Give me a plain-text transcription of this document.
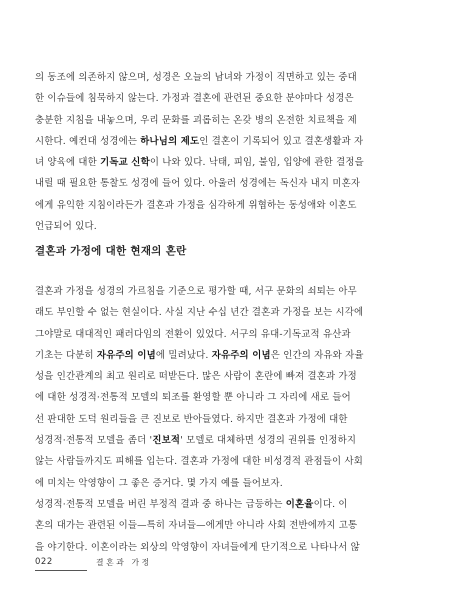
의 동조에 의존하지 않으며, 성경은 오늘의 남녀와 가정이 직면하고 있는 중대
한 이슈들에 침묵하지 않는다. 가정과 결혼에 관련된 중요한 분야마다 성경은
충분한 지침을 내놓으며, 우리 문화를 괴롭히는 온갖 병의 온전한 치료책을 제
시한다. 예컨대 성경에는 하나님의 제도인 결혼이 기록되어 있고 결혼생활과 자
녀 양육에 대한 기독교 신학이 나와 있다. 낙태, 피임, 불임, 입양에 관한 결정을
내릴 때 필요한 통찰도 성경에 들어 있다. 아울러 성경에는 독신자 내지 미혼자
에게 유익한 지침이라든가 결혼과 가정을 심각하게 위협하는 동성애와 이혼도
언급되어 있다.
결혼과 가정에 대한 현재의 혼란
결혼과 가정을 성경의 가르침을 기준으로 평가할 때, 서구 문화의 쇠퇴는 아무
래도 부인할 수 없는 현실이다. 사실 지난 수십 년간 결혼과 가정을 보는 시각에
그야말로 대대적인 패러다임의 전환이 있었다. 서구의 유대-기독교적 유산과
기초는 다분히 자유주의 이념에 밀려났다. 자유주의 이념은 인간의 자유와 자율
성을 인간관계의 최고 원리로 떠받든다. 많은 사람이 혼란에 빠져 결혼과 가정
에 대한 성경적·전통적 모델의 퇴조를 환영할 뿐 아니라 그 자리에 새로 들어
선 판대한 도덕 원리들을 큰 진보로 반아들였다. 하지만 결혼과 가정에 대한
성경적·전통적 모델을 좀더 '진보적' 모델로 대체하면 성경의 권위를 인정하지
않는 사람들까지도 피해를 입는다. 결혼과 가정에 대한 비성경적 관점들이 사회
에 미치는 악영향이 그 좋은 증거다. 몇 가지 예를 들어보자.
성경적·전통적 모델을 버린 부정적 결과 중 하나는 급등하는 이혼율이다. 이
혼의 대가는 관련된 이들—특히 자녀들—에게만 아니라 사회 전반에까지 고통
을 야기한다. 이혼이라는 외상의 악영향이 자녀들에게 단기적으로 나타나서 않
022	결혼과 가정
